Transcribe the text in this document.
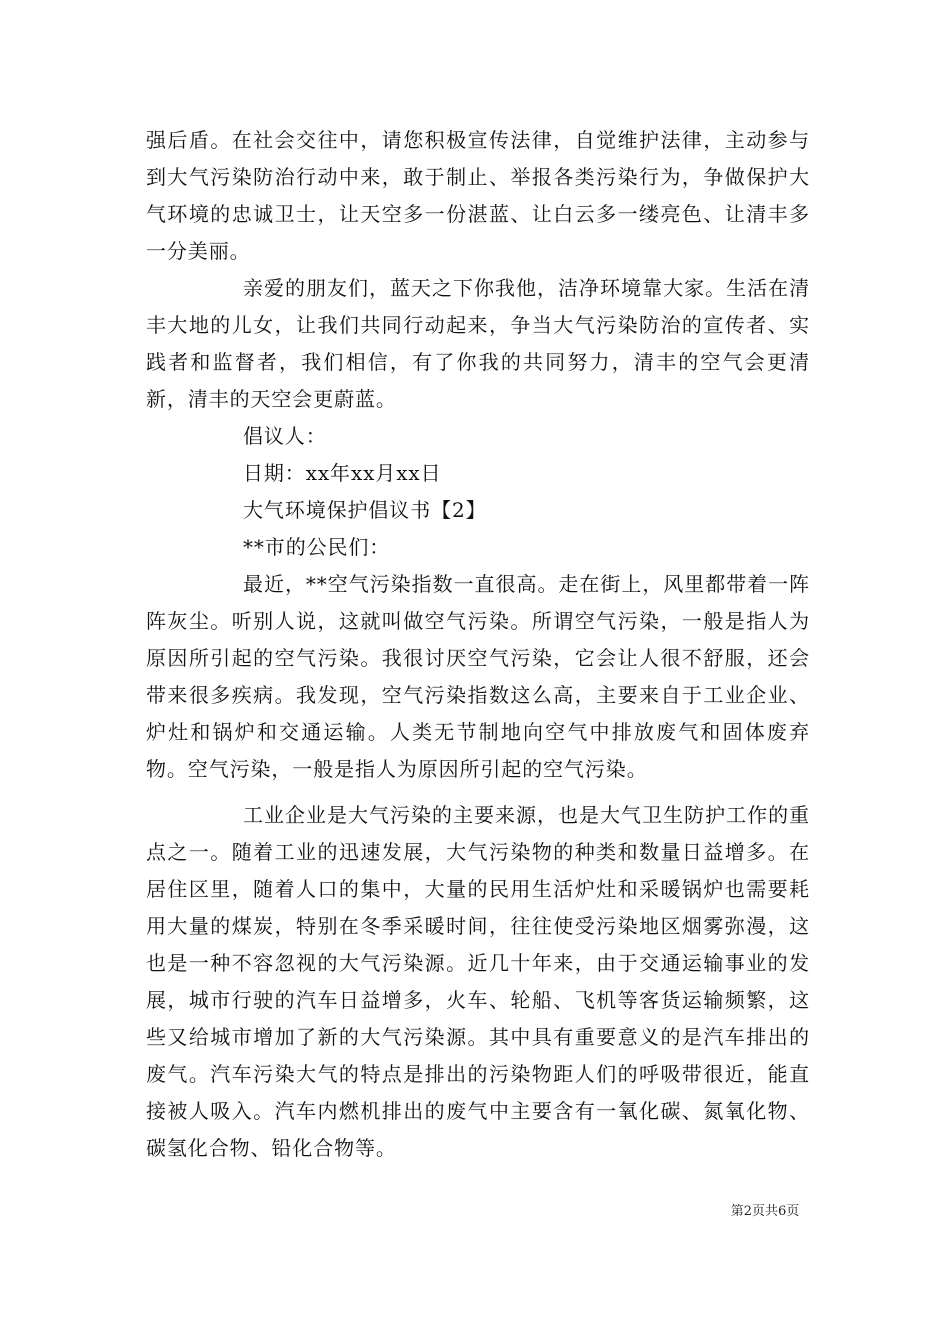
强后盾。在社会交往中，请您积极宣传法律，自觉维护法律，主动参与到大气污染防治行动中来，敢于制止、举报各类污染行为，争做保护大气环境的忠诚卫士，让天空多一份湛蓝、让白云多一缕亮色、让清丰多一分美丽。

亲爱的朋友们，蓝天之下你我他，洁净环境靠大家。生活在清丰大地的儿女，让我们共同行动起来，争当大气污染防治的宣传者、实践者和监督者，我们相信，有了你我的共同努力，清丰的空气会更清新，清丰的天空会更蔚蓝。

倡议人：

日期：xx年xx月xx日

大气环境保护倡议书【2】

**市的公民们：

最近，**空气污染指数一直很高。走在街上，风里都带着一阵阵灰尘。听别人说，这就叫做空气污染。所谓空气污染，一般是指人为原因所引起的空气污染。我很讨厌空气污染，它会让人很不舒服，还会带来很多疾病。我发现，空气污染指数这么高，主要来自于工业企业、炉灶和锅炉和交通运输。人类无节制地向空气中排放废气和固体废弃物。空气污染，一般是指人为原因所引起的空气污染。

工业企业是大气污染的主要来源，也是大气卫生防护工作的重点之一。随着工业的迅速发展，大气污染物的种类和数量日益增多。在居住区里，随着人口的集中，大量的民用生活炉灶和采暖锅炉也需要耗用大量的煤炭，特别在冬季采暖时间，往往使受污染地区烟雾弥漫，这也是一种不容忽视的大气污染源。近几十年来，由于交通运输事业的发展，城市行驶的汽车日益增多，火车、轮船、飞机等客货运输频繁，这些又给城市增加了新的大气污染源。其中具有重要意义的是汽车排出的废气。汽车污染大气的特点是排出的污染物距人们的呼吸带很近，能直接被人吸入。汽车内燃机排出的废气中主要含有一氧化碳、氮氧化物、碳氢化合物、铅化合物等。

第2页共6页
